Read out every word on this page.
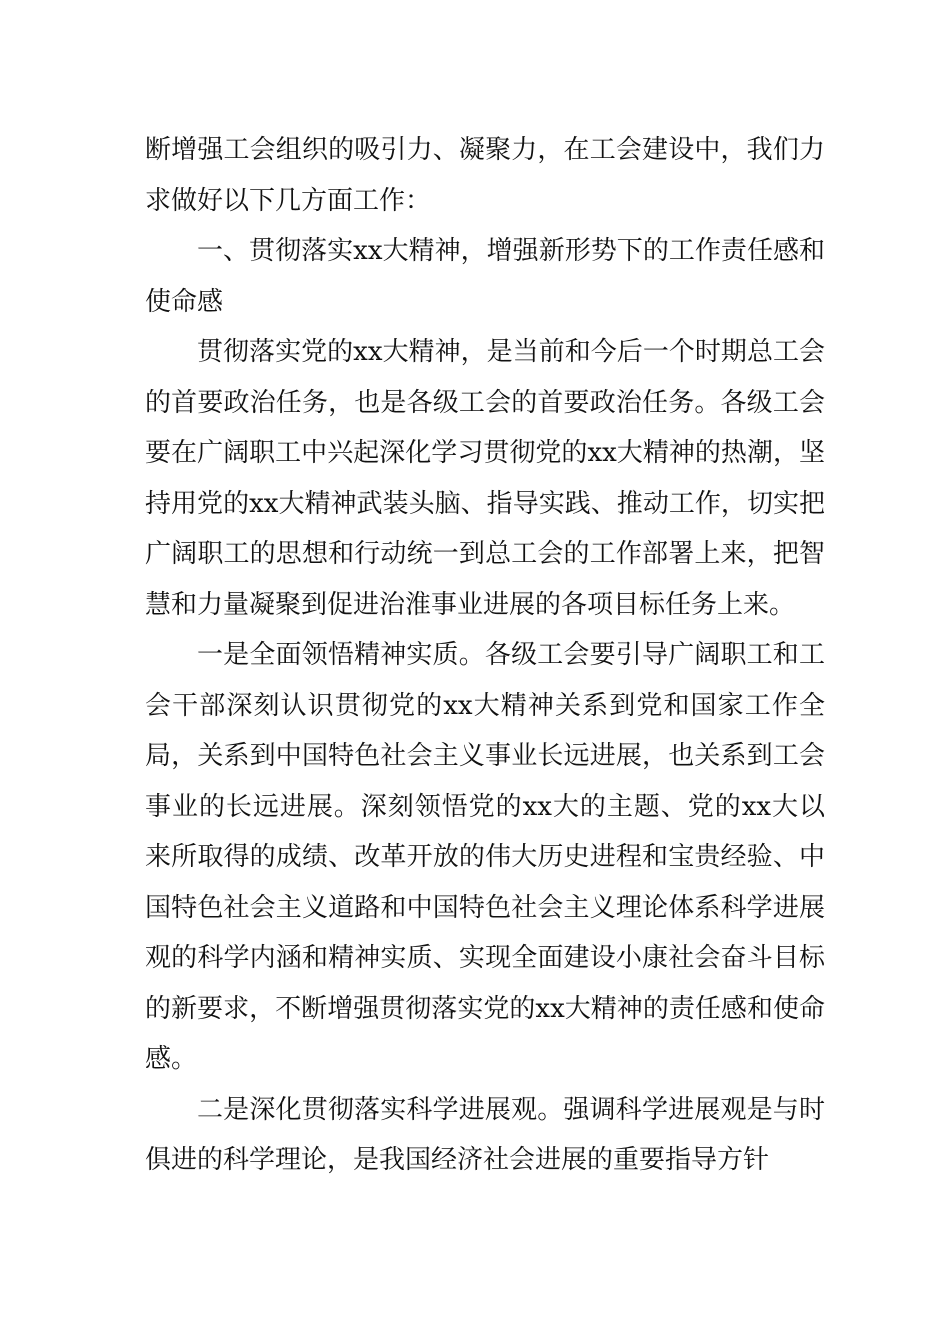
断增强工会组织的吸引力、凝聚力，在工会建设中，我们力求做好以下几方面工作：

一、贯彻落实xx大精神，增强新形势下的工作责任感和使命感

贯彻落实党的xx大精神，是当前和今后一个时期总工会的首要政治任务，也是各级工会的首要政治任务。各级工会要在广阔职工中兴起深化学习贯彻党的xx大精神的热潮，坚持用党的xx大精神武装头脑、指导实践、推动工作，切实把广阔职工的思想和行动统一到总工会的工作部署上来，把智慧和力量凝聚到促进治淮事业进展的各项目标任务上来。

一是全面领悟精神实质。各级工会要引导广阔职工和工会干部深刻认识贯彻党的xx大精神关系到党和国家工作全局，关系到中国特色社会主义事业长远进展，也关系到工会事业的长远进展。深刻领悟党的xx大的主题、党的xx大以来所取得的成绩、改革开放的伟大历史进程和宝贵经验、中国特色社会主义道路和中国特色社会主义理论体系科学进展观的科学内涵和精神实质、实现全面建设小康社会奋斗目标的新要求，不断增强贯彻落实党的xx大精神的责任感和使命感。

二是深化贯彻落实科学进展观。强调科学进展观是与时俱进的科学理论，是我国经济社会进展的重要指导方针
